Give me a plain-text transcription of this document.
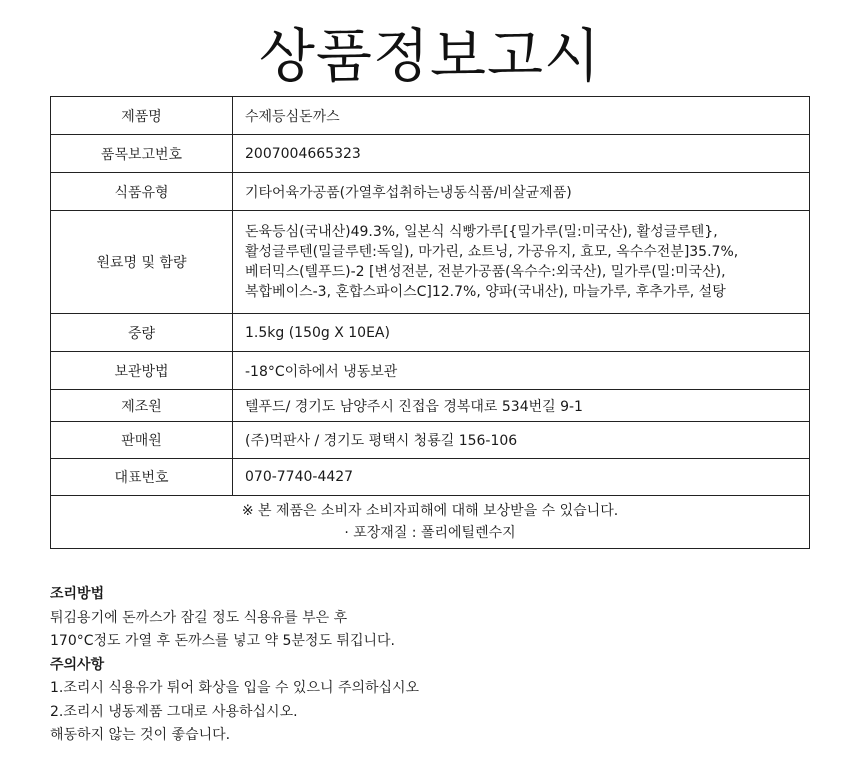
상품정보고시
제품명	수제등심돈까스
품목보고번호	2007004665323
식품유형	기타어육가공품(가열후섭취하는냉동식품/비살균제품)
원료명 및 함량	돈육등심(국내산)49.3%, 일본식 식빵가루[{밀가루(밀:미국산), 활성글루텐},
활성글루텐(밀글루텐:독일), 마가린, 쇼트닝, 가공유지, 효모, 옥수수전분]35.7%,
베터믹스(텔푸드)-2 [변성전분, 전분가공품(옥수수:외국산), 밀가루(밀:미국산),
복합베이스-3, 혼합스파이스C]12.7%, 양파(국내산), 마늘가루, 후추가루, 설탕

중량	1.5kg (150g X 10EA)
보관방법	-18°C이하에서 냉동보관
제조원	텔푸드/ 경기도 남양주시 진접읍 경복대로 534번길 9-1
판매원	(주)먹판사 / 경기도 평택시 청룡길 156-106
대표번호	070-7740-4427

※ 본 제품은 소비자 소비자피해에 대해 보상받을 수 있습니다.
· 포장재질 : 폴리에틸렌수지	
조리방법
튀김용기에 돈까스가 잠길 정도 식용유를 부은 후
170°C정도 가열 후 돈까스를 넣고 약 5분정도 튀깁니다.
주의사항
1.조리시 식용유가 튀어 화상을 입을 수 있으니 주의하십시오
2.조리시 냉동제품 그대로 사용하십시오.
해동하지 않는 것이 좋습니다.
